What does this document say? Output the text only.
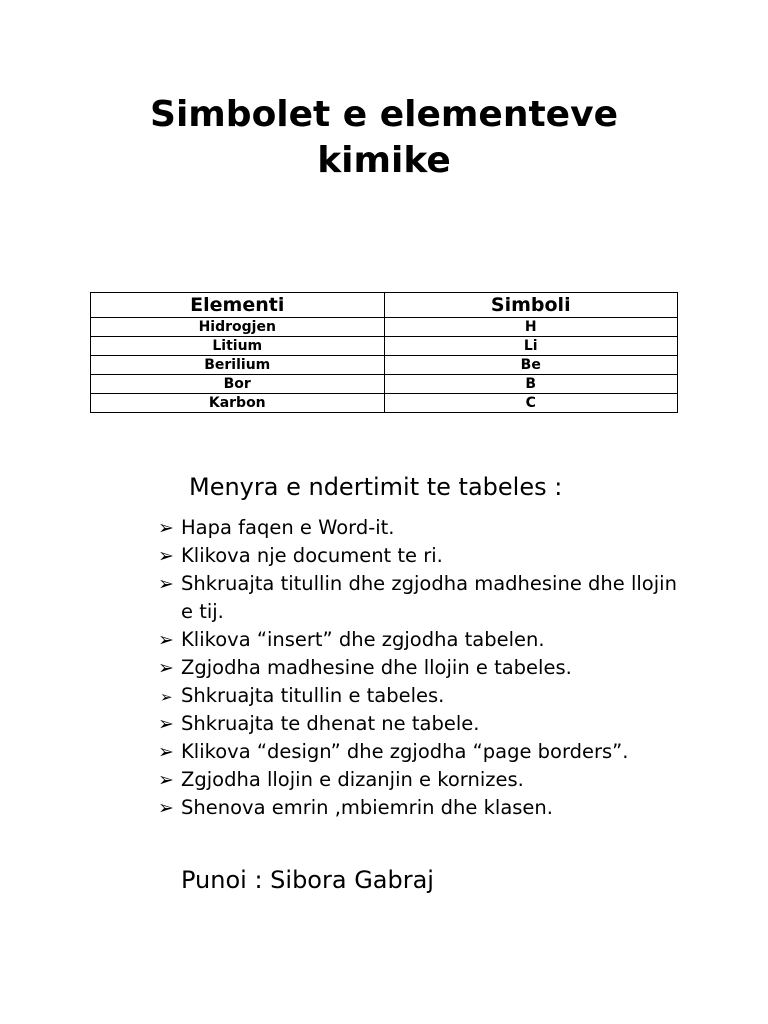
Simbolet e elementeve
kimike
Elementi	Simboli
Hidrogjen	H
Litium	Li
Berilium	Be
Bor	B
Karbon	C
Menyra e ndertimit te tabeles :
➢ Hapa faqen e Word-it.
➢ Klikova nje document te ri.
➢ Shkruajta titullin dhe zgjodha madhesine dhe llojin e tij.
➢ Klikova “insert” dhe zgjodha tabelen.
➢ Zgjodha madhesine dhe llojin e tabeles.
➢ Shkruajta titullin e tabeles.
➢ Shkruajta te dhenat ne tabele.
➢ Klikova “design” dhe zgjodha “page borders”.
➢ Zgjodha llojin e dizanjin e kornizes.
➢ Shenova emrin ,mbiemrin dhe klasen.

Punoi : Sibora Gabraj
